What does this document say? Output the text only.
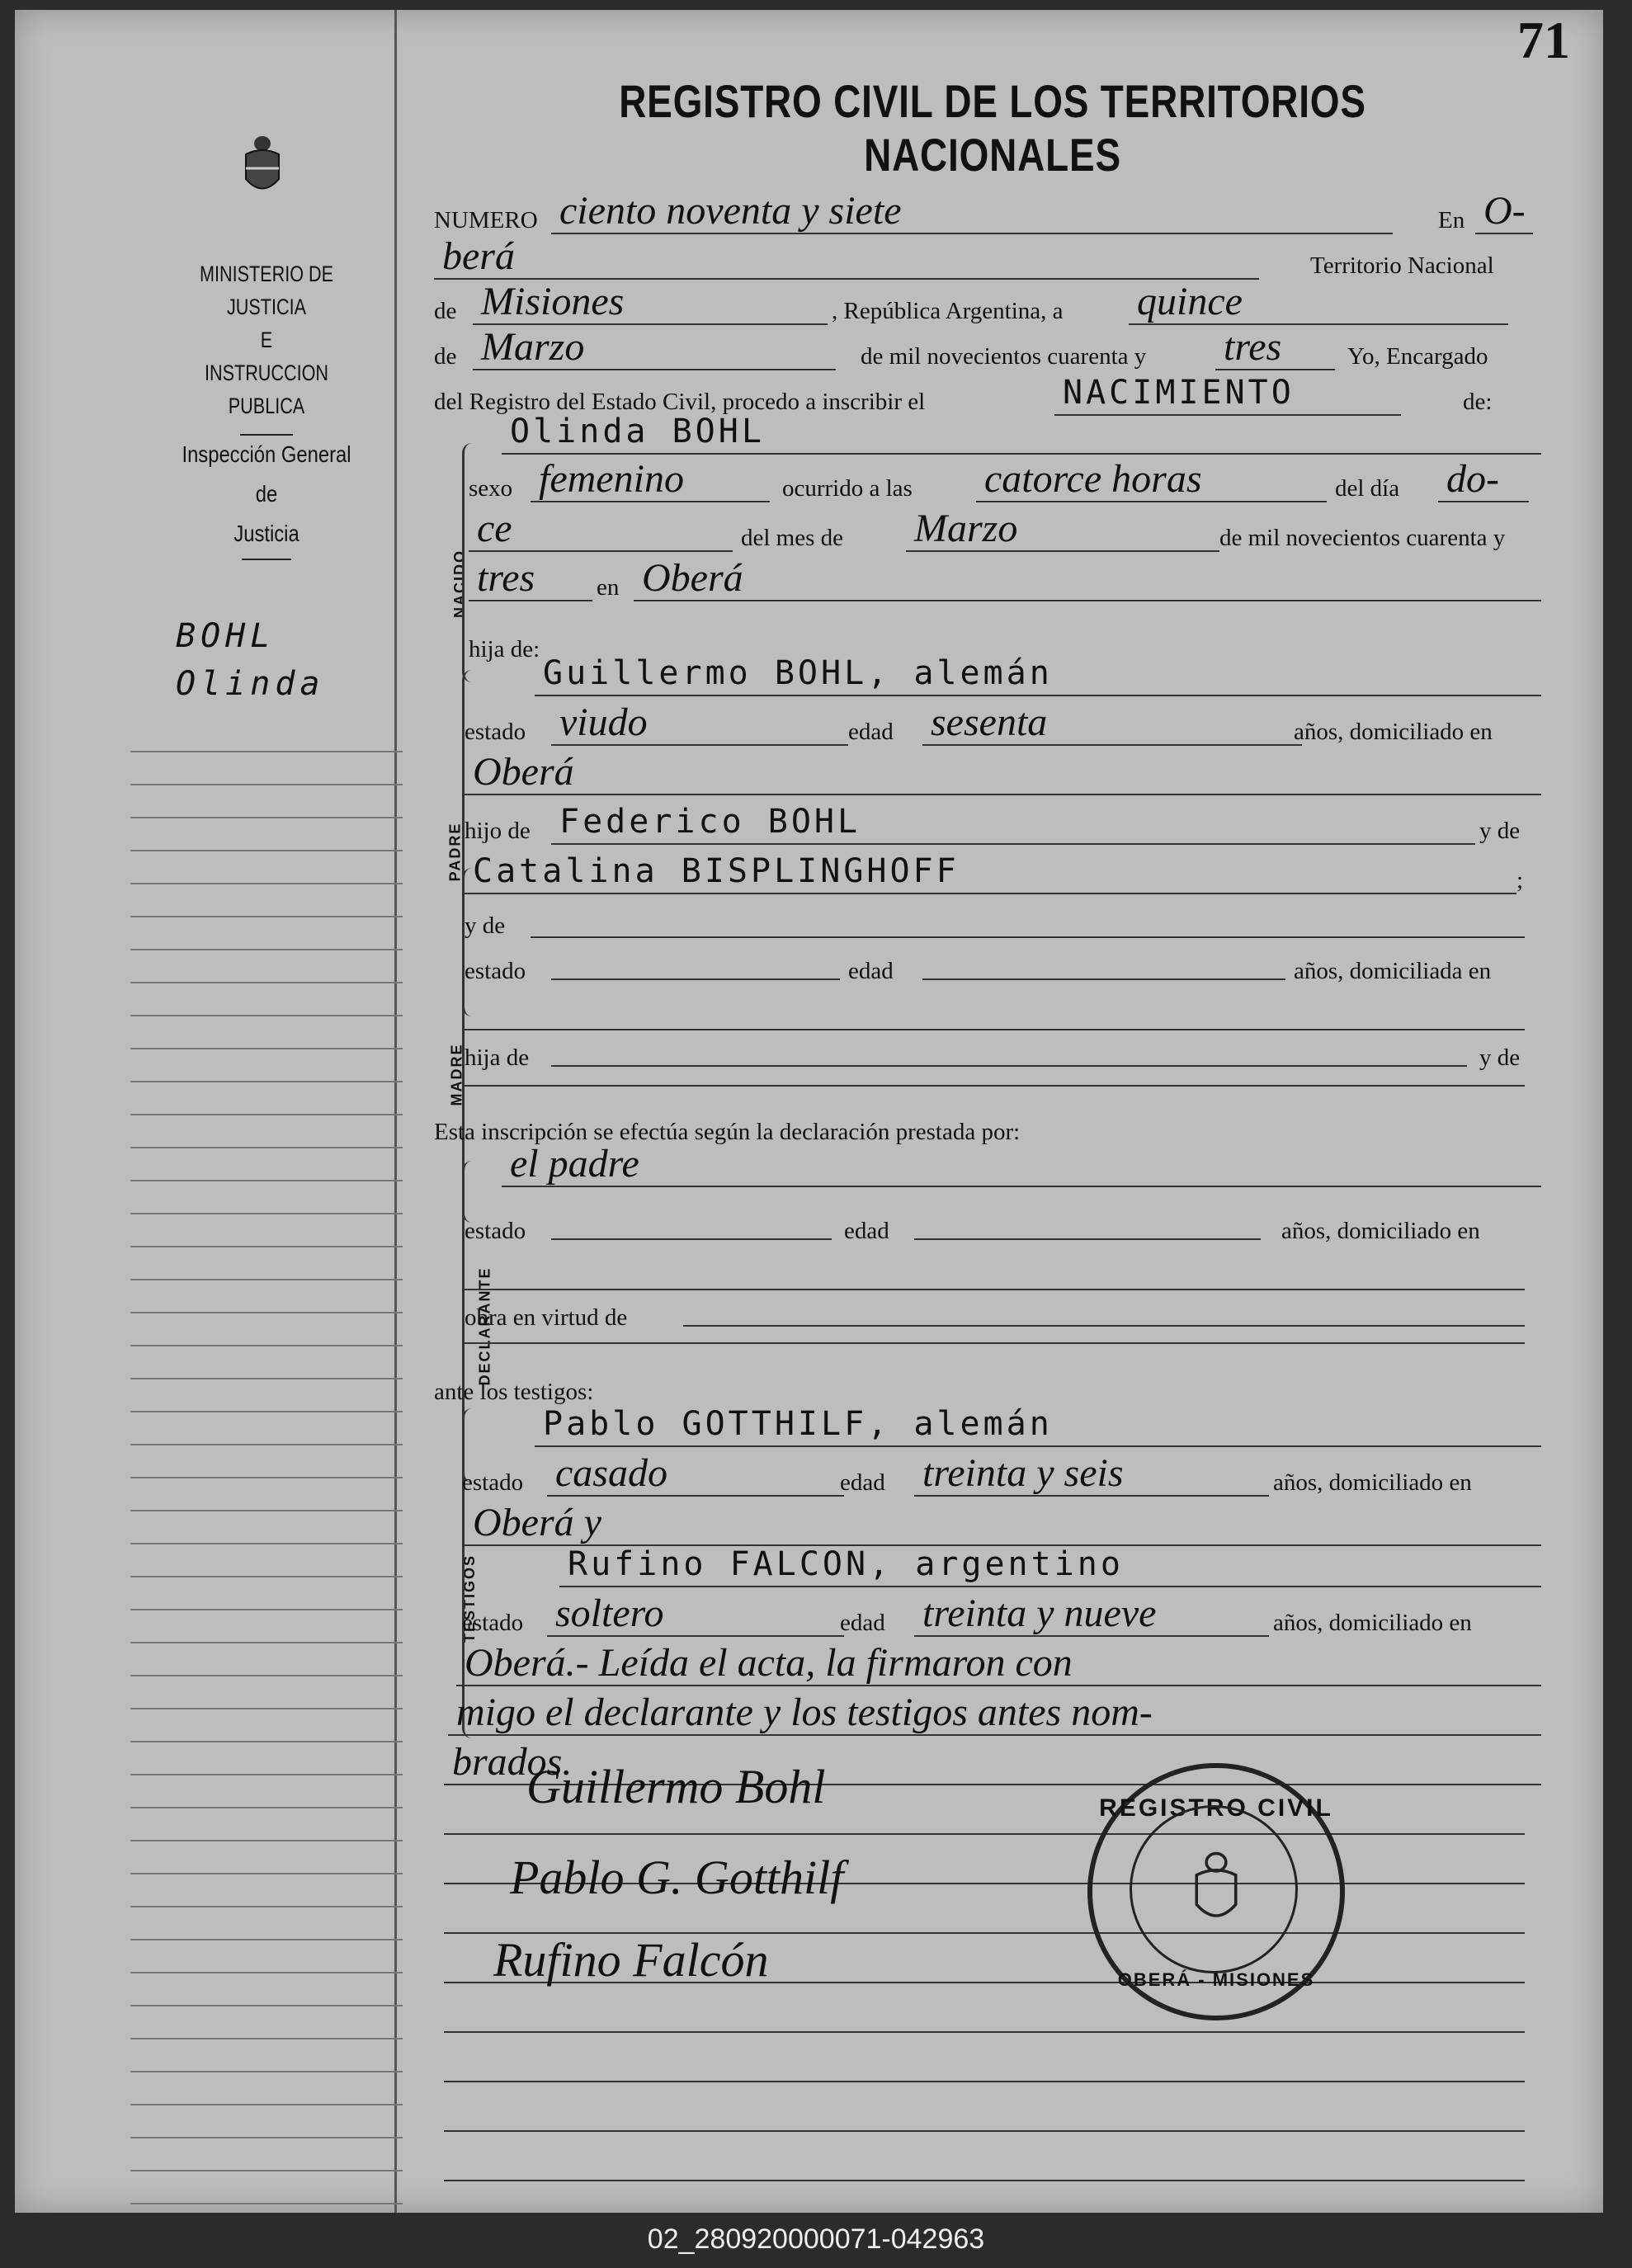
MINISTERIO DE JUSTICIA
E
INSTRUCCION PUBLICA
Inspección General
de
Justicia
BOHL
Olinda
71
REGISTRO CIVIL DE LOS TERRITORIOS NACIONALES
NUMERO ciento noventa y siete	En O-
berá	Territorio Nacional
de Misiones	, República Argentina, a quince
de Marzo	de mil novecientos cuarenta y tres	Yo, Encargado
del Registro del Estado Civil, procedo a inscribir el	NACIMIENTO	de:
NACIDO
Olinda BOHL
sexo femenino	ocurrido a las catorce horas	del día do-
ce	del mes de Marzo	de mil novecientos cuarenta y
tres	en Oberá
hija de:
PADRE
Guillermo BOHL, alemán
estado viudo	edad sesenta	años, domiciliado en
Oberá
hijo de Federico BOHL	y de
Catalina BISPLINGHOFF	;
MADRE
y de
estado	edad	años, domiciliada en
hija de	y de
Esta inscripción se efectúa según la declaración prestada por:
DECLARANTE
el padre
estado	edad	años, domiciliado en
obra en virtud de
ante los testigos:
TESTIGOS
Pablo GOTTHILF, alemán
estado casado	edad treinta y seis	años, domiciliado en
Oberá y
Rufino FALCON, argentino
estado soltero	edad treinta y nueve	años, domiciliado en
Oberá.- Leída el acta, la firmaron con
migo el declarante y los testigos antes nom-
brados.
Guillermo Bohl
Pablo G. Gotthilf
Rufino Falcón
REGISTRO CIVIL
OBERÁ - MISIONES
02_280920000071-042963
